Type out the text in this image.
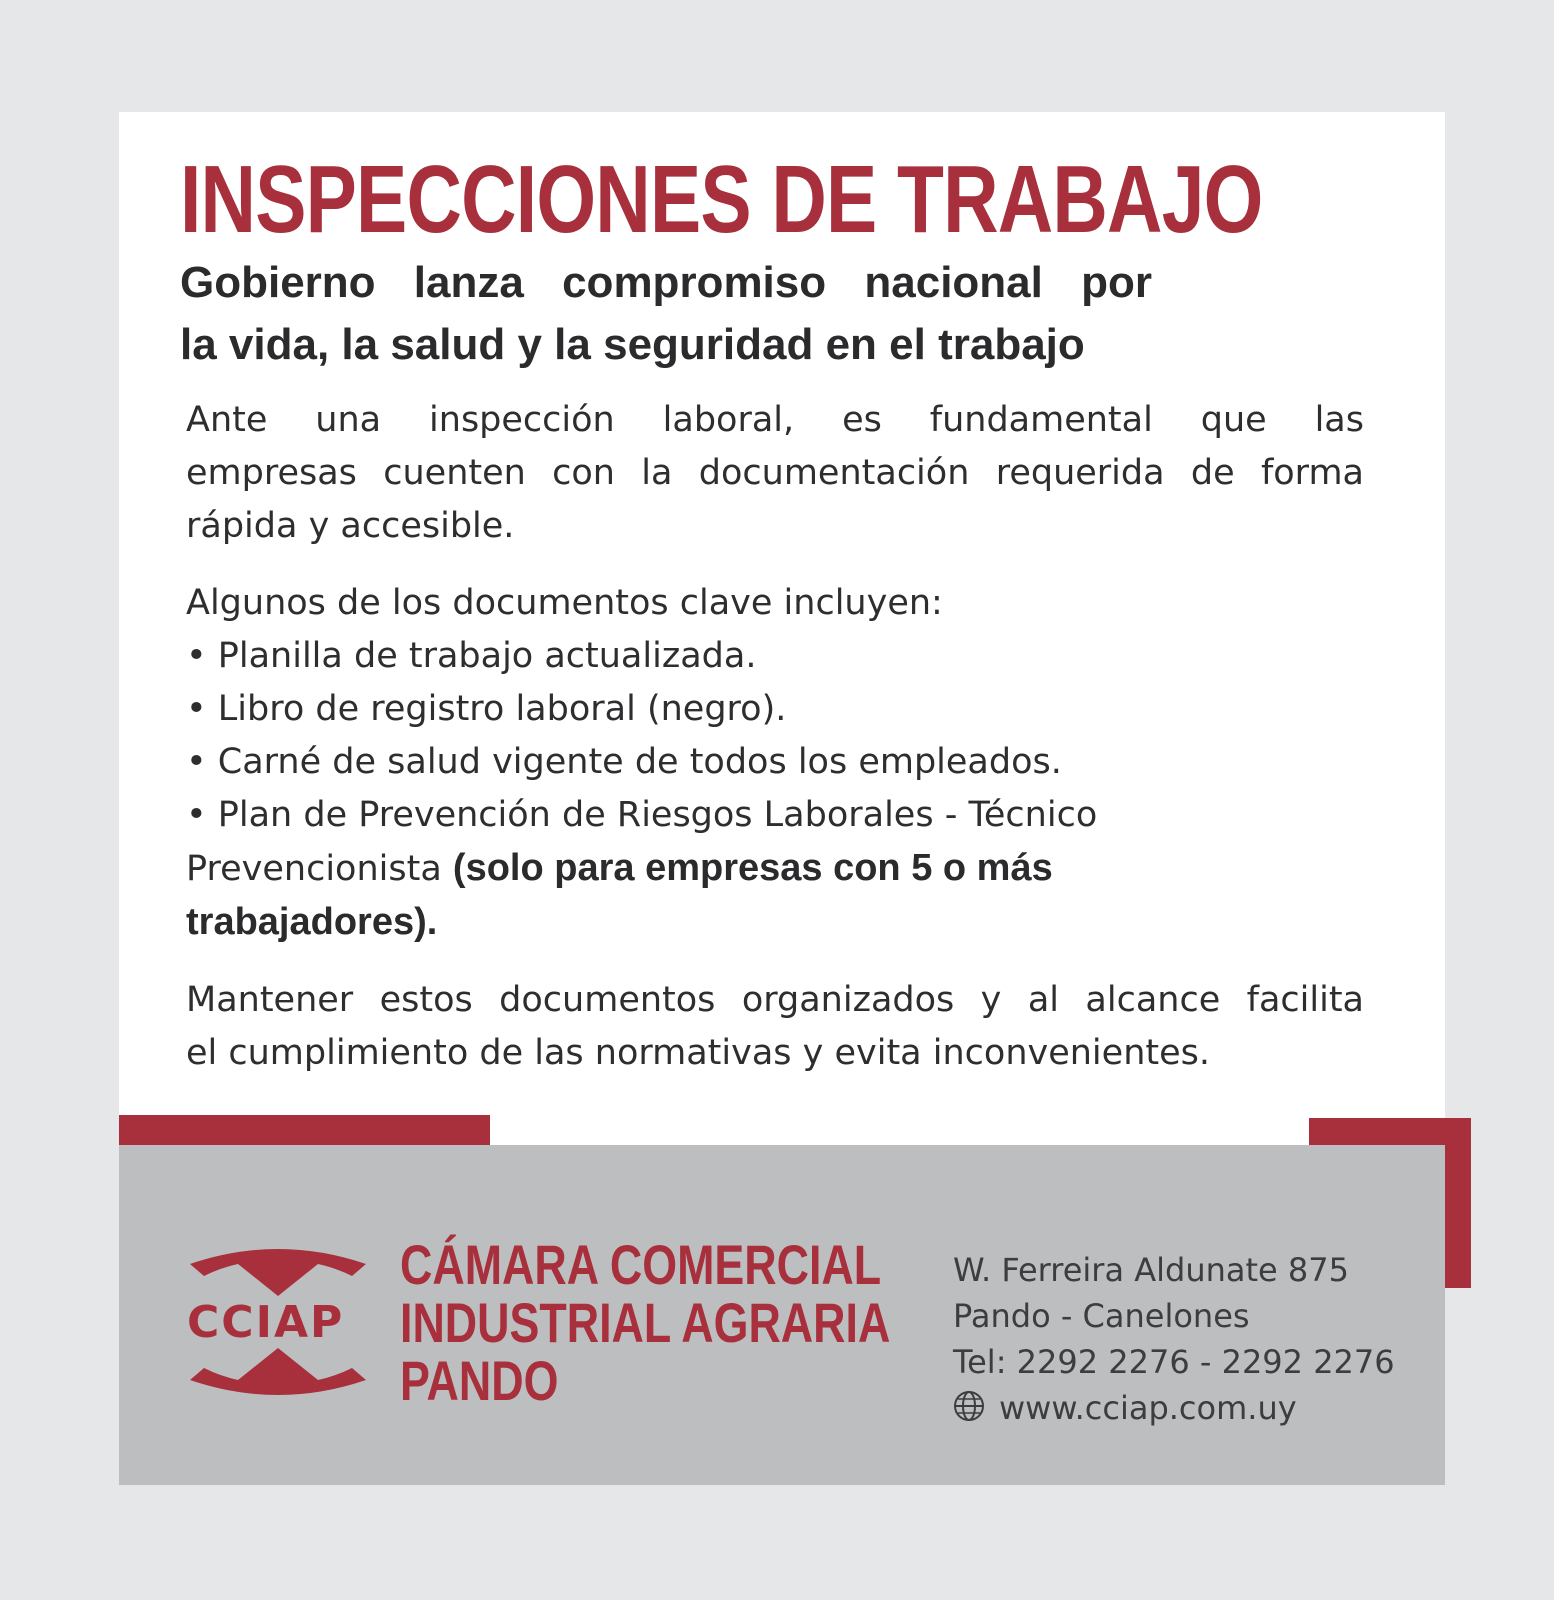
INSPECCIONES DE TRABAJO
Gobierno lanza compromiso nacional por
la vida, la salud y la seguridad en el trabajo

Ante una inspección laboral, es fundamental que las
empresas cuenten con la documentación requerida de forma
rápida y accesible.

Algunos de los documentos clave incluyen:
• Planilla de trabajo actualizada.
• Libro de registro laboral (negro).
• Carné de salud vigente de todos los empleados.
• Plan de Prevención de Riesgos Laborales - Técnico
Prevencionista (solo para empresas con 5 o más
trabajadores).

Mantener estos documentos organizados y al alcance facilita
el cumplimiento de las normativas y evita inconvenientes.

CCIAP
CÁMARA COMERCIAL
INDUSTRIAL AGRARIA
PANDO
W. Ferreira Aldunate 875
Pando - Canelones
Tel: 2292 2276 - 2292 2276
www.cciap.com.uy
